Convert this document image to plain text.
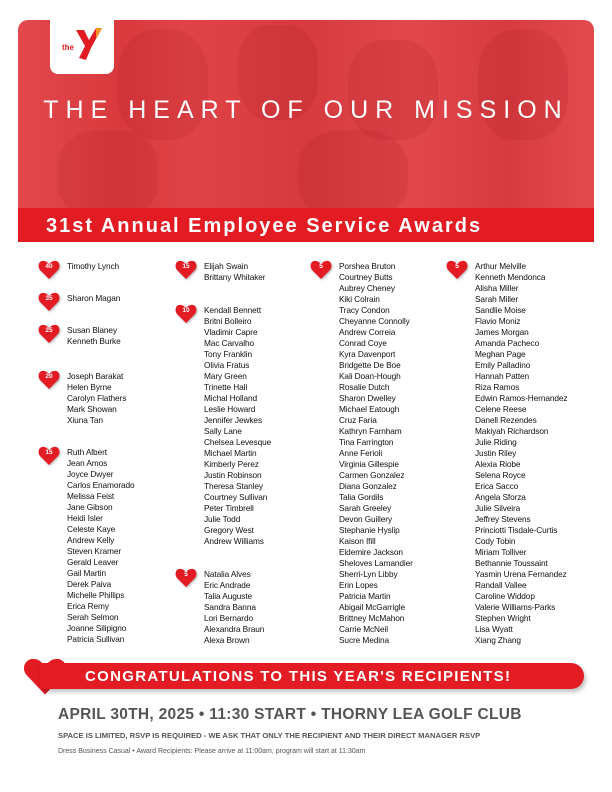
the
THE HEART OF OUR MISSION
31st Annual Employee Service Awards
40	Timothy Lynch
35	Sharon Magan
25	Susan Blaney
Kenneth Burke
20	Joseph Barakat
Helen Byrne
Carolyn Flathers
Mark Showan
Xiuna Tan
15	Ruth Albert
Jean Amos
Joyce Dwyer
Carlos Enamorado
Melissa Feist
Jane Gibson
Heidi Isler
Celeste Kaye
Andrew Kelly
Steven Kramer
Gerald Leaver
Gail Martin
Derek Paiva
Michelle Phillips
Erica Remy
Serah Selmon
Joanne Silipigno
Patricia Sullivan
15	Elijah Swain
Brittany Whitaker
10	Kendall Bennett
Britni Bolleiro
Vladimir Capre
Mac Carvalho
Tony Franklin
Olivia Fratus
Mary Green
Trinette Hall
Michal Holland
Leslie Howard
Jennifer Jewkes
Sally Lane
Chelsea Levesque
Michael Martin
Kimberly Perez
Justin Robinson
Theresa Stanley
Courtney Sullivan
Peter Timbrell
Julie Todd
Gregory West
Andrew Williams
5	Natalia Alves
Eric Andrade
Talia Auguste
Sandra Banna
Lori Bernardo
Alexandra Braun
Alexa Brown
5	Porshea Bruton
Courtney Butts
Aubrey Cheney
Kiki Colrain
Tracy Condon
Cheyanne Connolly
Andrew Correia
Conrad Coye
Kyra Davenport
Bridgette De Boe
Kali Doan-Hough
Rosalie Dutch
Sharon Dwelley
Michael Eatough
Cruz Faria
Kathryn Farnham
Tina Farrington
Anne Ferioli
Virginia Gillespie
Carmen Gonzalez
Diana Gonzalez
Talia Gordils
Sarah Greeley
Devon Guillery
Stephanie Hyslip
Kaison Ifill
Eldemire Jackson
Sheloves Lamandier
Sherri-Lyn Libby
Erin Lopes
Patricia Martin
Abigail McGarrigle
Brittney McMahon
Carrie McNeil
Sucre Medina
5	Arthur Melville
Kenneth Mendonca
Alisha Miller
Sarah Miller
Sandlie Moise
Flavio Moniz
James Morgan
Amanda Pacheco
Meghan Page
Emily Palladino
Hannah Patten
Riza Ramos
Edwin Ramos-Hernandez
Celene Reese
Danell Rezendes
Makiyah Richardson
Julie Riding
Justin Riley
Alexia Riobe
Selena Royce
Erica Sacco
Angela Sforza
Julie Silveira
Jeffrey Stevens
Princiotti Tisdale-Curtis
Cody Tobin
Miriam Tolliver
Bethannie Toussaint
Yasmin Urena Fernandez
Randall Vallee
Caroline Widdop
Valerie Williams-Parks
Stephen Wright
Lisa Wyatt
Xiang Zhang
CONGRATULATIONS TO THIS YEAR'S RECIPIENTS!
APRIL 30TH, 2025 • 11:30 START • THORNY LEA GOLF CLUB
SPACE IS LIMITED, RSVP IS REQUIRED - WE ASK THAT ONLY THE RECIPIENT AND THEIR DIRECT MANAGER RSVP
Dress Business Casual • Award Recipients: Please arrive at 11:00am, program will start at 11:30am
